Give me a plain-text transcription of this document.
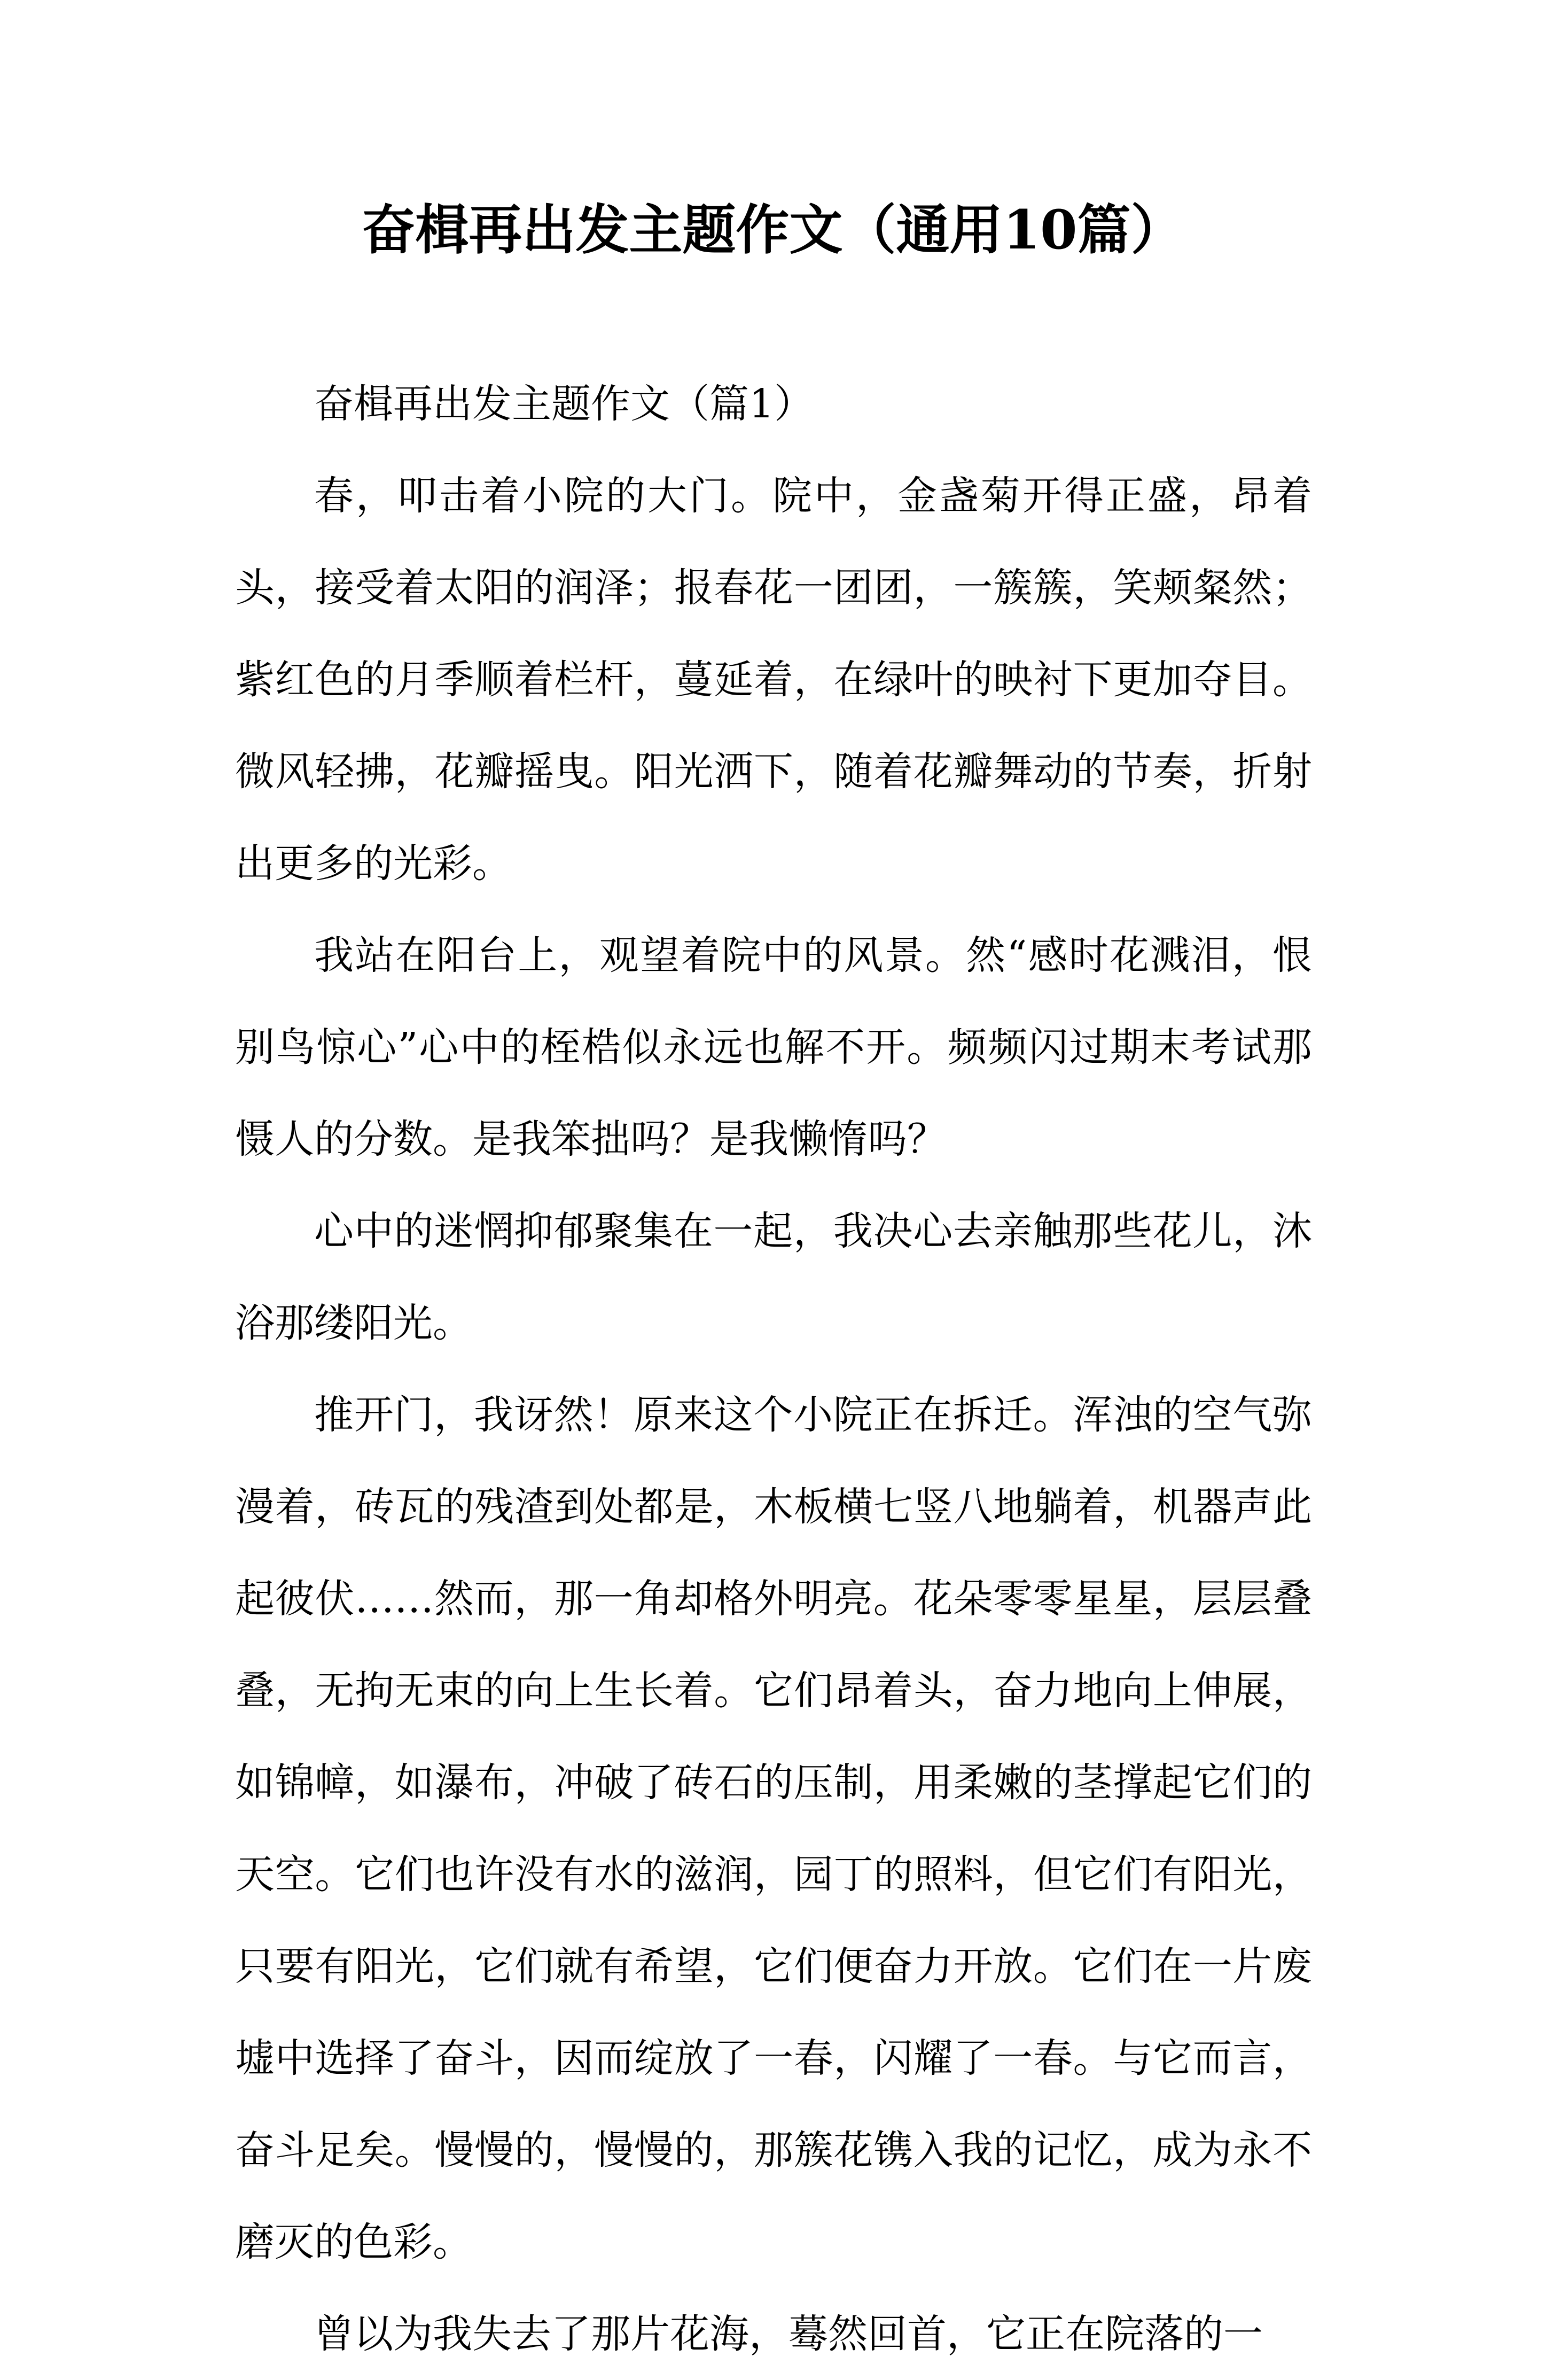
奋楫再出发主题作文（通用10篇）

奋楫再出发主题作文（篇1）

春，叩击着小院的大门。院中，金盏菊开得正盛，昂着头，接受着太阳的润泽；报春花一团团，一簇簇，笑颊粲然；紫红色的月季顺着栏杆，蔓延着，在绿叶的映衬下更加夺目。微风轻拂，花瓣摇曳。阳光洒下，随着花瓣舞动的节奏，折射出更多的光彩。

我站在阳台上，观望着院中的风景。然“感时花溅泪，恨别鸟惊心”心中的桎梏似永远也解不开。频频闪过期末考试那慑人的分数。是我笨拙吗？是我懒惰吗？

心中的迷惘抑郁聚集在一起，我决心去亲触那些花儿，沐浴那缕阳光。

推开门，我讶然！原来这个小院正在拆迁。浑浊的空气弥漫着，砖瓦的残渣到处都是，木板横七竖八地躺着，机器声此起彼伏……然而，那一角却格外明亮。花朵零零星星，层层叠叠，无拘无束的向上生长着。它们昂着头，奋力地向上伸展，如锦幛，如瀑布，冲破了砖石的压制，用柔嫩的茎撑起它们的天空。它们也许没有水的滋润，园丁的照料，但它们有阳光，只要有阳光，它们就有希望，它们便奋力开放。它们在一片废墟中选择了奋斗，因而绽放了一春，闪耀了一春。与它而言，奋斗足矣。慢慢的，慢慢的，那簇花镌入我的记忆，成为永不磨灭的色彩。

曾以为我失去了那片花海，蓦然回首，它正在院落的一
